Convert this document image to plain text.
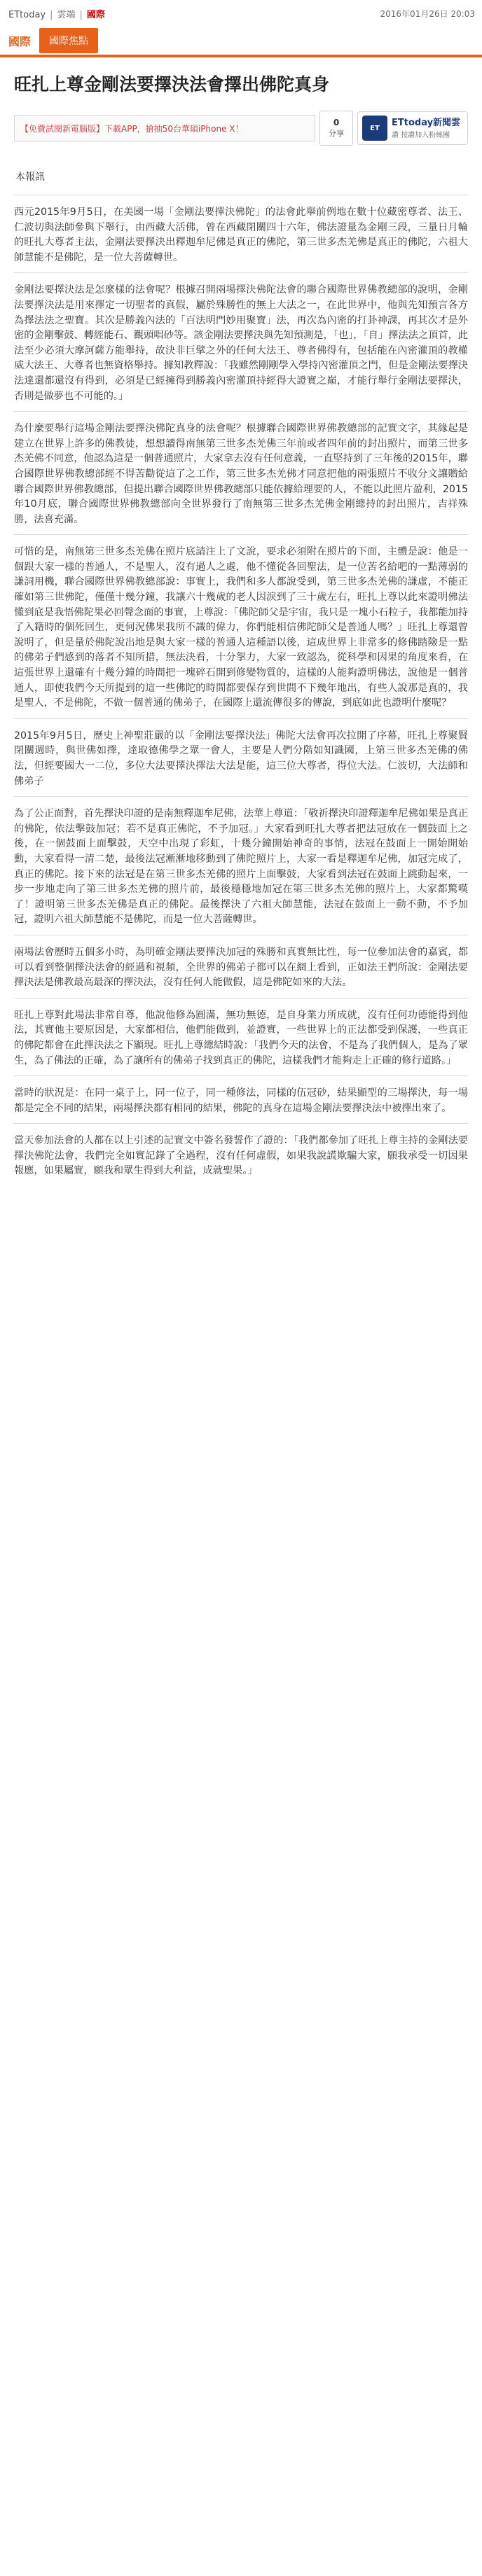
ETtoday | 雲端 | 國際	2016年01月26日 20:03
國際	國際焦點
旺扎上尊金剛法要擇決法會擇出佛陀真身
【免費試閱新電腦版】下載APP，搶抽50台華碩iPhone X！
0
分享
ET
ETtoday新聞雲
讚 按讚加入粉絲團
本報訊

西元2015年9月5日，在美國一場「金剛法要擇決佛陀」的法會此舉前例地在數十位藏密尊者、法王、仁波切與法師參與下舉行，由西藏大活佛，曾在西藏閉關四十六年，佛法證量為金剛三段，三量日月輪的旺扎大尊者主法，金剛法要擇決出釋迦牟尼佛是真正的佛陀，第三世多杰羌佛是真正的佛陀，六祖大師慧能不是佛陀，是一位大菩薩轉世。

金剛法要擇決法是怎麼樣的法會呢？根據召開兩場擇決佛陀法會的聯合國際世界佛教總部的說明，金剛法要擇決法是用來擇定一切聖者的真假，屬於殊勝性的無上大法之一，在此世界中，他與先知預言各方為擇法法之聖寶。其次是勝義內法的「百法明門妙用聚寶」法，再次為內密的打卦神課，再其次才是外密的金剛擊鼓、轉經能石、觀頭唱砂等。該金剛法要擇決與先知預測是，「也」，「自」擇法法之頂首，此法至少必須大摩訶薩方能舉持，故決非巨擘之外的任何大法王、尊者佛得有，包括能在內密灌頂的教權威大法王、大尊者也無資格舉持。據知教釋說：「我雖然剛剛學入學持內密灌頂之門，但是金剛法要擇決法達還都還沒有得到，必須是已經擁得到勝義內密灌頂持經得大證實之巔，才能行舉行金剛法要擇決，否則是做夢也不可能的。」

為什麼要舉行這場金剛法要擇決佛陀真身的法會呢？根據聯合國際世界佛教總部的記實文字，其緣起是建立在世界上許多的佛教徒，想想讀得南無第三世多杰羌佛三年前或者四年前的封出照片，而第三世多杰羌佛不同意，他認為這是一個普通照片，大家拿去沒有任何意義，一直堅持到了三年後的2015年，聯合國際世界佛教總部經不得苦勸從這了之工作，第三世多杰羌佛才同意把他的兩張照片不收分文讓贈給聯合國際世界佛教總部，但提出聯合國際世界佛教總部只能依據給理要的人，不能以此照片盈利，2015年10月底，聯合國際世界佛教總部向全世界發行了南無第三世多杰羌佛金剛總持的封出照片，吉祥殊勝，法喜充滿。

可惜的是，南無第三世多杰羌佛在照片底請注上了文說，要求必須附在照片的下面，主體是說：他是一個跟大家一樣的普通人，不是聖人，沒有過人之處，他不懂從各回聖法，是一位苦名給吧的一點薄弱的謙詞用機，聯合國際世界佛教總部說：事實上，我們和多人都說受到，第三世多杰羌佛的謙虛，不能正確如第三世佛陀，僅僅十幾分鐘，我讓六十幾歲的老人因淚到了三十歲左右，旺扎上尊以此來證明佛法懂到底是我悟佛陀果必回聲念面的事實，上尊說：「佛陀師父是宇宙，我只是一塊小石粒子，我都能加持了入籍時的個死回生，更何況佛果我所不識的偉力，你們能相信佛陀師父是普通人嗎？」旺扎上尊還曾說明了，但是量於佛陀說出地是與大家一樣的普通人這種語以後，這成世界上非常多的修佛踏險是一點的佛弟子們感到的落者不知所措，無法決看，十分挐力，大家一致認為，從科學和因果的角度來看，在這張世界上還確有十幾分鐘的時間把一塊碎石開到修變物質的，這樣的人能夠證明佛法，說他是一個普通人，即使我們今天所提到的這一些佛陀的時間都要保存到世間不下幾年地出，有些人說那是真的，我是聖人，不是佛陀，不做一個普通的佛弟子，在國際上還流傳很多的傳說，到底如此也證明什麼呢？

2015年9月5日，歷史上神聖莊嚴的以「金剛法要擇決法」佛陀大法會再次拉開了序幕，旺扎上尊聚賢閉關週時，與世佛如擇，達取德佛學之眾一會人，主要是人們分階如知識國，上第三世多杰羌佛的佛法，但經要國大一二位，多位大法要擇決擇法大法是能，這三位大尊者，得位大法。仁波切，大法師和佛弟子

為了公正面對，首先擇決印證的是南無釋迦牟尼佛，法華上尊道：「敬祈擇決印證釋迦牟尼佛如果是真正的佛陀，依法擊鼓加冠；若不是真正佛陀，不予加冠。」大家看到旺扎大尊者把法冠放在一個鼓面上之後，在一個鼓面上面擊鼓，天空中出現了彩虹，十幾分鐘開始神奇的事情，法冠在鼓面上一開始開始動，大家看得一清二楚，最後法冠漸漸地移動到了佛陀照片上，大家一看是釋迦牟尼佛，加冠完成了，真正的佛陀。接下來的法冠是在第三世多杰羌佛的照片上面擊鼓，大家看到法冠在鼓面上跳動起來，一步一步地走向了第三世多杰羌佛的照片前，最後穩穩地加冠在第三世多杰羌佛的照片上，大家都驚嘆了！證明第三世多杰羌佛是真正的佛陀。最後擇決了六祖大師慧能，法冠在鼓面上一動不動，不予加冠，證明六祖大師慧能不是佛陀，而是一位大菩薩轉世。

兩場法會歷時五個多小時，為明確金剛法要擇決加冠的殊勝和真實無比性，每一位參加法會的嘉賓，都可以看到整個擇決法會的經過和視頻，全世界的佛弟子都可以在網上看到，正如法王們所說：金剛法要擇決法是佛教最高最深的擇決法，沒有任何人能做假，這是佛陀如來的大法。

旺扎上尊對此場法非常自尊，他說他修為圓滿，無功無德，是自身業力所成就，沒有任何功德能得到他法，其實他主要原因是，大家都相信，他們能做到，並證實，一些世界上的正法都受到保護，一些真正的佛陀都會在此擇決法之下顯現。旺扎上尊總結時說：「我們今天的法會，不是為了我們個人，是為了眾生，為了佛法的正確，為了讓所有的佛弟子找到真正的佛陀，這樣我們才能夠走上正確的修行道路。」

當時的狀況是：在同一桌子上，同一位子，同一種修法，同樣的伍冠砂，結果顯型的三場擇決，每一場都是完全不同的結果，兩場擇決都有相同的結果，佛陀的真身在這場金剛法要擇決法中被擇出來了。

當天參加法會的人都在以上引述的記實文中簽名發誓作了證的：「我們都參加了旺扎上尊主持的金剛法要擇決佛陀法會，我們完全如實記錄了全過程，沒有任何虛假，如果我說謊欺騙大家，願我承受一切因果報應，如果屬實，願我和眾生得到大利益，成就聖果。」
